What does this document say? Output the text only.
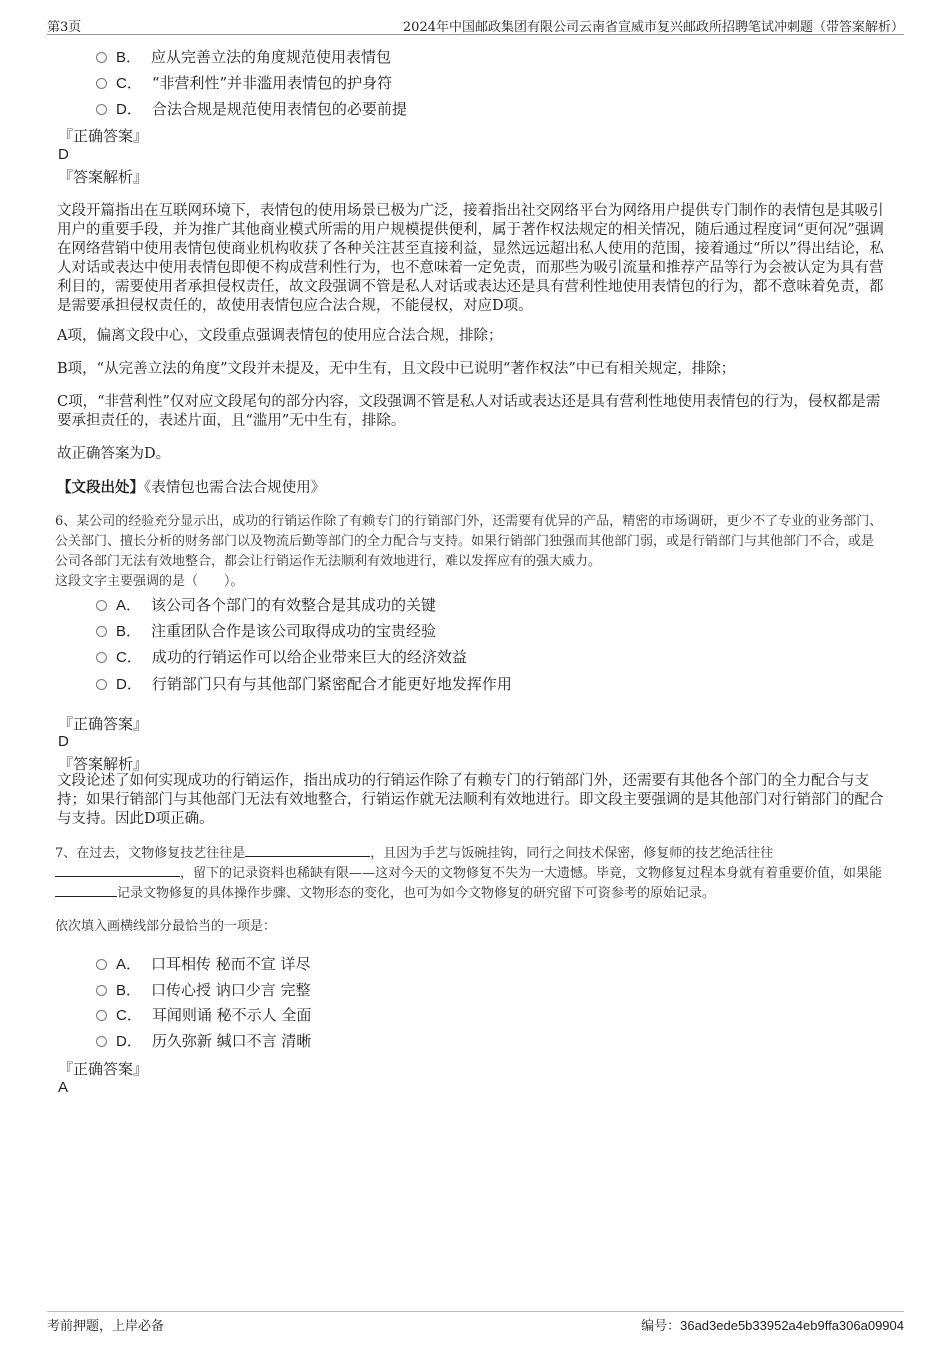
第3页	2024年中国邮政集团有限公司云南省宣威市复兴邮政所招聘笔试冲刺题（带答案解析）
B． 应从完善立法的角度规范使用表情包
C． “非营利性”并非滥用表情包的护身符
D． 合法合规是规范使用表情包的必要前提
『正确答案』
D
『答案解析』
文段开篇指出在互联网环境下，表情包的使用场景已极为广泛，接着指出社交网络平台为网络用户提供专门制作的表情包是其吸引用户的重要手段，并为推广其他商业模式所需的用户规模提供便利，属于著作权法规定的相关情况，随后通过程度词“更何况”强调在网络营销中使用表情包使商业机构收获了各种关注甚至直接利益，显然远远超出私人使用的范围，接着通过“所以”得出结论，私人对话或表达中使用表情包即便不构成营利性行为，也不意味着一定免责，而那些为吸引流量和推荐产品等行为会被认定为具有营利目的，需要使用者承担侵权责任，故文段强调不管是私人对话或表达还是具有营利性地使用表情包的行为，都不意味着免责，都是需要承担侵权责任的，故使用表情包应合法合规，不能侵权，对应D项。
A项，偏离文段中心，文段重点强调表情包的使用应合法合规，排除；
B项，“从完善立法的角度”文段并未提及，无中生有，且文段中已说明“著作权法”中已有相关规定，排除；
C项，“非营利性”仅对应文段尾句的部分内容，文段强调不管是私人对话或表达还是具有营利性地使用表情包的行为，侵权都是需要承担责任的，表述片面，且“滥用”无中生有，排除。
故正确答案为D。
【文段出处】《表情包也需合法合规使用》
6、某公司的经验充分显示出，成功的行销运作除了有赖专门的行销部门外，还需要有优异的产品，精密的市场调研，更少不了专业的业务部门、公关部门、擅长分析的财务部门以及物流后勤等部门的全力配合与支持。如果行销部门独强而其他部门弱，或是行销部门与其他部门不合，或是公司各部门无法有效地整合，都会让行销运作无法顺利有效地进行，难以发挥应有的强大威力。
这段文字主要强调的是（　　）。
A． 该公司各个部门的有效整合是其成功的关键
B． 注重团队合作是该公司取得成功的宝贵经验
C． 成功的行销运作可以给企业带来巨大的经济效益
D． 行销部门只有与其他部门紧密配合才能更好地发挥作用
『正确答案』
D
『答案解析』
文段论述了如何实现成功的行销运作，指出成功的行销运作除了有赖专门的行销部门外，还需要有其他各个部门的全力配合与支持；如果行销部门与其他部门无法有效地整合，行销运作就无法顺利有效地进行。即文段主要强调的是其他部门对行销部门的配合与支持。因此D项正确。
7、在过去，文物修复技艺往往是	，且因为手艺与饭碗挂钩，同行之间技术保密，修复师的技艺绝活往往，留下的记录资料也稀缺有限——这对今天的文物修复不失为一大遗憾。毕竟，文物修复过程本身就有着重要价值，如果能记录文物修复的具体操作步骤、文物形态的变化，也可为如今文物修复的研究留下可资参考的原始记录。
依次填入画横线部分最恰当的一项是：
A． 口耳相传 秘而不宣 详尽
B． 口传心授 讷口少言 完整
C． 耳闻则诵 秘不示人 全面
D． 历久弥新 缄口不言 清晰
『正确答案』
A
考前押题，上岸必备	编号：36ad3ede5b33952a4eb9ffa306a09904
